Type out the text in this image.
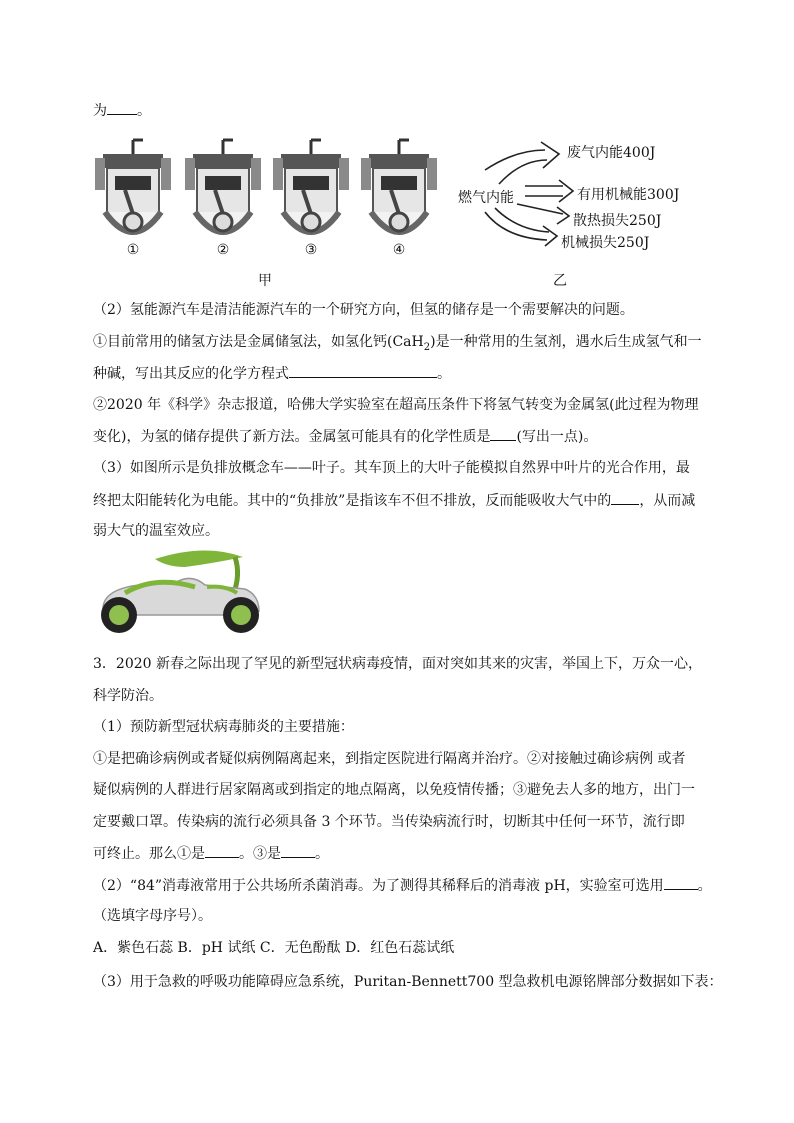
为 。
①	②	③	④
甲
燃气内能
废气内能400J
有用机械能300J
散热损失250J
机械损失250J
乙
（2）氢能源汽车是清洁能源汽车的一个研究方向，但氢的储存是一个需要解决的问题。
①目前常用的储氢方法是金属储氢法，如氢化钙(CaH$_2$)是一种常用的生氢剂，遇水后生成氢气和一
种碱，写出其反应的化学方程式	。
②2020 年《科学》杂志报道，哈佛大学实验室在超高压条件下将氢气转变为金属氢(此过程为物理
变化)，为氢的储存提供了新方法。金属氢可能具有的化学性质是 (写出一点)。
（3）如图所示是负排放概念车——叶子。其车顶上的大叶子能模拟自然界中叶片的光合作用，最
终把太阳能转化为电能。其中的“负排放”是指该车不但不排放，反而能吸收大气中的 ，从而减
弱大气的温室效应。
3．2020 新春之际出现了罕见的新型冠状病毒疫情，面对突如其来的灾害，举国上下，万众一心，
科学防治。
（1）预防新型冠状病毒肺炎的主要措施：
①是把确诊病例或者疑似病例隔离起来，到指定医院进行隔离并治疗。②对接触过确诊病例 或者
疑似病例的人群进行居家隔离或到指定的地点隔离，以免疫情传播；③避免去人多的地方，出门一
定要戴口罩。传染病的流行必须具备 3 个环节。当传染病流行时，切断其中任何一环节，流行即
可终止。那么①是 。③是 。
（2）“84”消毒液常用于公共场所杀菌消毒。为了测得其稀释后的消毒液 pH，实验室可选用 。
（选填字母序号）。
A．紫色石蕊 B．pH 试纸 C．无色酚酞 D．红色石蕊试纸
（3）用于急救的呼吸功能障碍应急系统，Puritan-Bennett700 型急救机电源铭牌部分数据如下表：
